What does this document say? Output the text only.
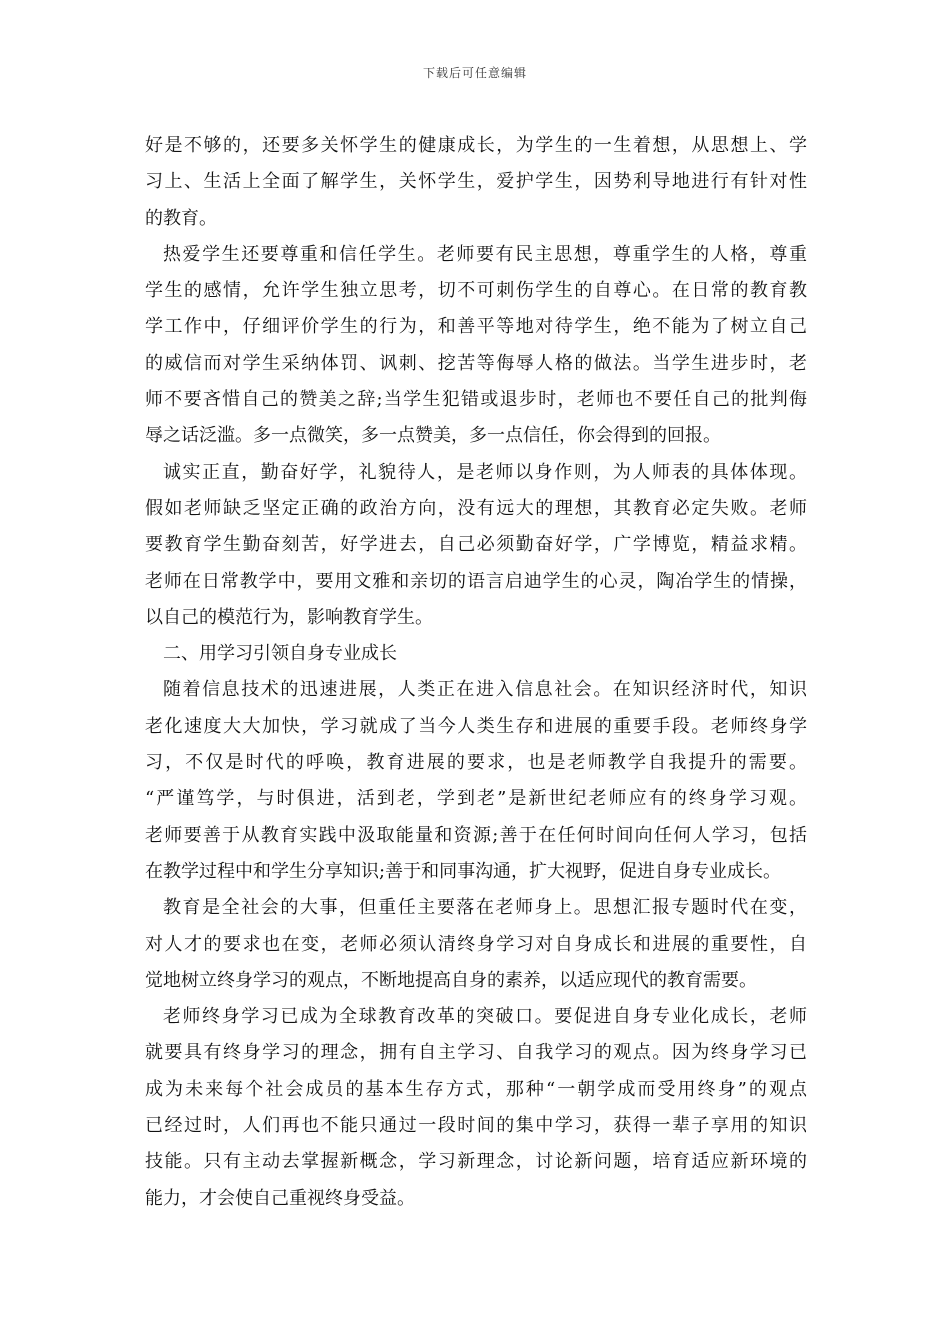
下载后可任意编辑
好是不够的，还要多关怀学生的健康成长，为学生的一生着想，从思想上、学
习上、生活上全面了解学生，关怀学生，爱护学生，因势利导地进行有针对性
的教育。
热爱学生还要尊重和信任学生。老师要有民主思想，尊重学生的人格，尊重
学生的感情，允许学生独立思考，切不可刺伤学生的自尊心。在日常的教育教
学工作中，仔细评价学生的行为，和善平等地对待学生，绝不能为了树立自己
的威信而对学生采纳体罚、讽刺、挖苦等侮辱人格的做法。当学生进步时，老
师不要吝惜自己的赞美之辞;当学生犯错或退步时，老师也不要任自己的批判侮
辱之话泛滥。多一点微笑，多一点赞美，多一点信任，你会得到的回报。
诚实正直，勤奋好学，礼貌待人，是老师以身作则，为人师表的具体体现。
假如老师缺乏坚定正确的政治方向，没有远大的理想，其教育必定失败。老师
要教育学生勤奋刻苦，好学进去，自己必须勤奋好学，广学博览，精益求精。
老师在日常教学中，要用文雅和亲切的语言启迪学生的心灵，陶冶学生的情操，
以自己的模范行为，影响教育学生。
二、用学习引领自身专业成长
随着信息技术的迅速进展，人类正在进入信息社会。在知识经济时代，知识
老化速度大大加快，学习就成了当今人类生存和进展的重要手段。老师终身学
习，不仅是时代的呼唤，教育进展的要求，也是老师教学自我提升的需要。
“严谨笃学，与时俱进，活到老，学到老”是新世纪老师应有的终身学习观。
老师要善于从教育实践中汲取能量和资源;善于在任何时间向任何人学习，包括
在教学过程中和学生分享知识;善于和同事沟通，扩大视野，促进自身专业成长。
教育是全社会的大事，但重任主要落在老师身上。思想汇报专题时代在变，
对人才的要求也在变，老师必须认清终身学习对自身成长和进展的重要性，自
觉地树立终身学习的观点，不断地提高自身的素养，以适应现代的教育需要。
老师终身学习已成为全球教育改革的突破口。要促进自身专业化成长，老师
就要具有终身学习的理念，拥有自主学习、自我学习的观点。因为终身学习已
成为未来每个社会成员的基本生存方式，那种“一朝学成而受用终身”的观点
已经过时，人们再也不能只通过一段时间的集中学习，获得一辈子享用的知识
技能。只有主动去掌握新概念，学习新理念，讨论新问题，培育适应新环境的
能力，才会使自己重视终身受益。
